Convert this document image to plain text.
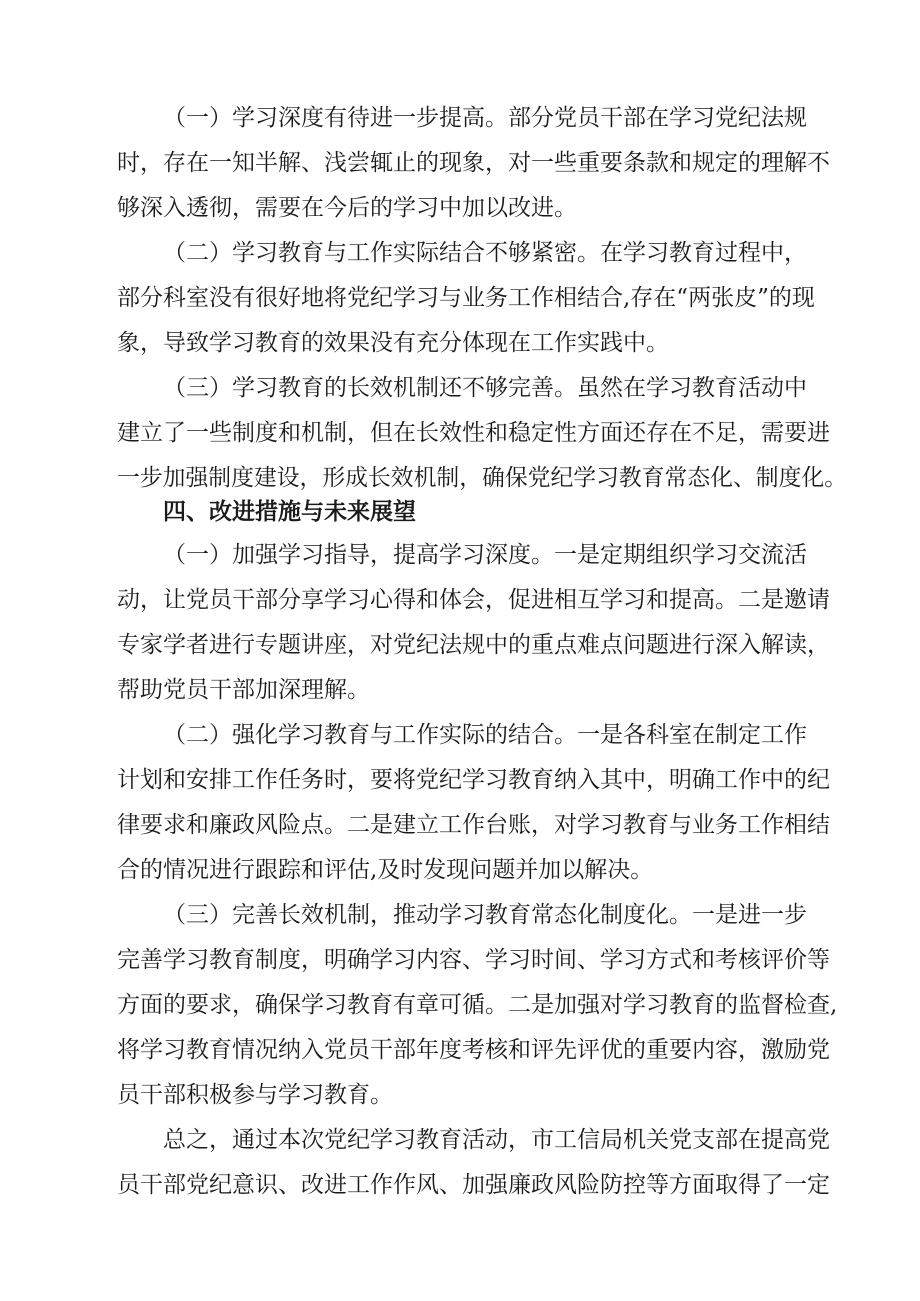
（一）学习深度有待进一步提高。部分党员干部在学习党纪法规
时，存在一知半解、浅尝辄止的现象，对一些重要条款和规定的理解不
够深入透彻，需要在今后的学习中加以改进。
（二）学习教育与工作实际结合不够紧密。在学习教育过程中，
部分科室没有很好地将党纪学习与业务工作相结合,存在“两张皮”的现
象，导致学习教育的效果没有充分体现在工作实践中。
（三）学习教育的长效机制还不够完善。虽然在学习教育活动中
建立了一些制度和机制，但在长效性和稳定性方面还存在不足，需要进
一步加强制度建设，形成长效机制，确保党纪学习教育常态化、制度化。
四、改进措施与未来展望
（一）加强学习指导，提高学习深度。一是定期组织学习交流活
动，让党员干部分享学习心得和体会，促进相互学习和提高。二是邀请
专家学者进行专题讲座，对党纪法规中的重点难点问题进行深入解读，
帮助党员干部加深理解。
（二）强化学习教育与工作实际的结合。一是各科室在制定工作
计划和安排工作任务时，要将党纪学习教育纳入其中，明确工作中的纪
律要求和廉政风险点。二是建立工作台账，对学习教育与业务工作相结
合的情况进行跟踪和评估,及时发现问题并加以解决。
（三）完善长效机制，推动学习教育常态化制度化。一是进一步
完善学习教育制度，明确学习内容、学习时间、学习方式和考核评价等
方面的要求，确保学习教育有章可循。二是加强对学习教育的监督检查,
将学习教育情况纳入党员干部年度考核和评先评优的重要内容，激励党
员干部积极参与学习教育。
总之，通过本次党纪学习教育活动，市工信局机关党支部在提高党
员干部党纪意识、改进工作作风、加强廉政风险防控等方面取得了一定
